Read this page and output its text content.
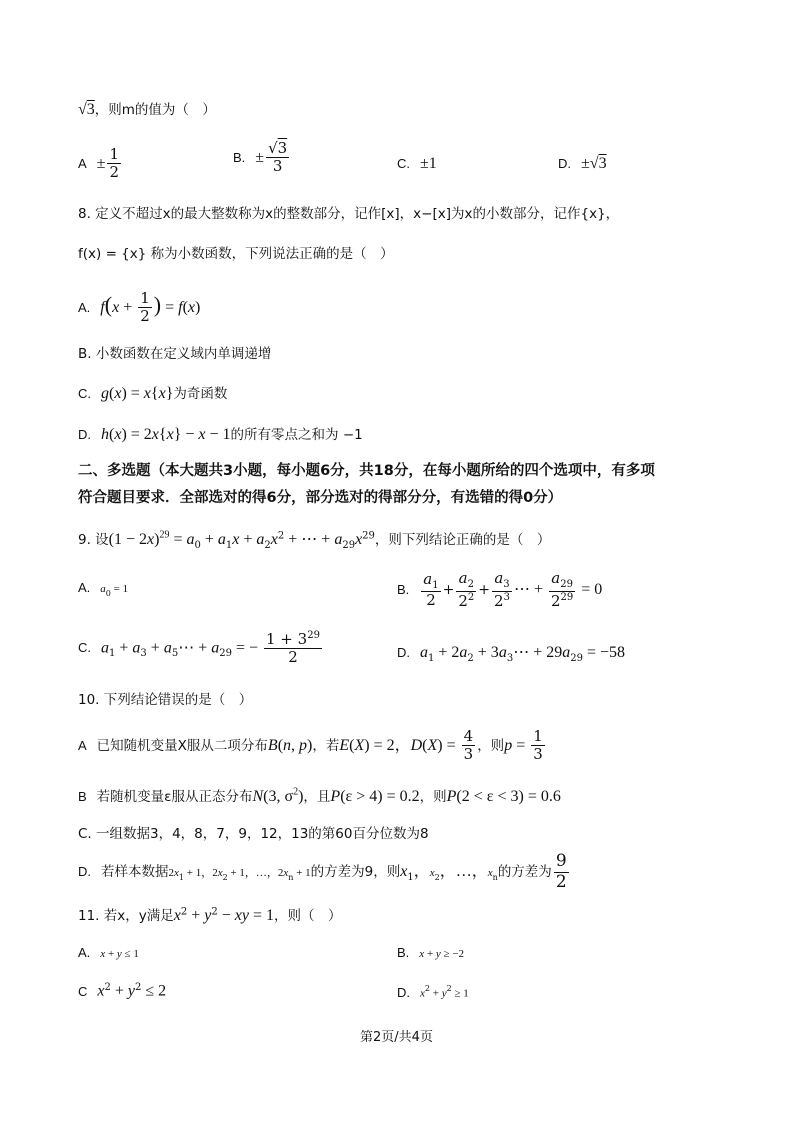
√3，则m的值为（　）
$A \pm \frac{1}{2}$	B. ± $\frac{√3}{3}$	C. ±1	D. ±√3
8. 定义不超过x的最大整数称为x的整数部分，记作[x]，x−[x]为x的小数部分，记作{x}，
f(x) = {x} 称为小数函数，下列说法正确的是（　）
A. $f(x + \frac{1}{2}$ ) = f(x)
B. 小数函数在定义域内单调递增
C. g(x) = x{x}为奇函数
D. h(x) = 2x{x} − x − 1的所有零点之和为 −1
二、多选题（本大题共3小题，每小题6分，共18分，在每小题所给的四个选项中，有多项
符合题目要求．全部选对的得6分，部分选对的得部分分，有选错的得0分）
9. 设$(1 - 2x)^{29} = a_0 + a_1x + a_2x^2$ + ⋯ + $a_{29}x^{29}$，则下列结论正确的是（　）
A. $a_0 = 1$	B. $\frac{a_1}{2} + \frac{a_2}{2^2} + \frac{a_3}{2^3}$ ⋯ + $\frac{a_{29}}{2^{29}} = 0$
C. $a_1 + a_3$ + $a_5\cdots + a_{29}$ = − $\frac{1 + 3^{29}}{2}$	D. $a_1 + 2a_2$ + $3a_3\cdots + 29a_{29} = -58$
10. 下列结论错误的是（　）
A 已知随机变量X服从二项分布B(n, p)，若E(X) = 2，$D(X) = \frac{4}{3}$ ，则$p = \frac{1}{3}$
B 若随机变量ε服从正态分布N(3, $\sigma^2$)，且P(ε > 4) = 0.2，则P(2 < ε < 3) = 0.6
C. 一组数据3，4，8，7，9，12，13的第60百分位数为8
D. 若样本数据$2x_1 + 1$，$2x_2 + 1$，…，$2x_n + 1$的方差为9，则$x_1$，$x_2$，…，$x_n$的方差为 $\frac{9}{2}$
11. 若x，y满足$x^2 + y^2$ − xy = 1，则（　）
A. x + y ≤ 1	B. x + y ≥ −2
C $x^2 + y^2 \le 2$	D. $x^2 + y^2 \ge 1$
第2页/共4页
